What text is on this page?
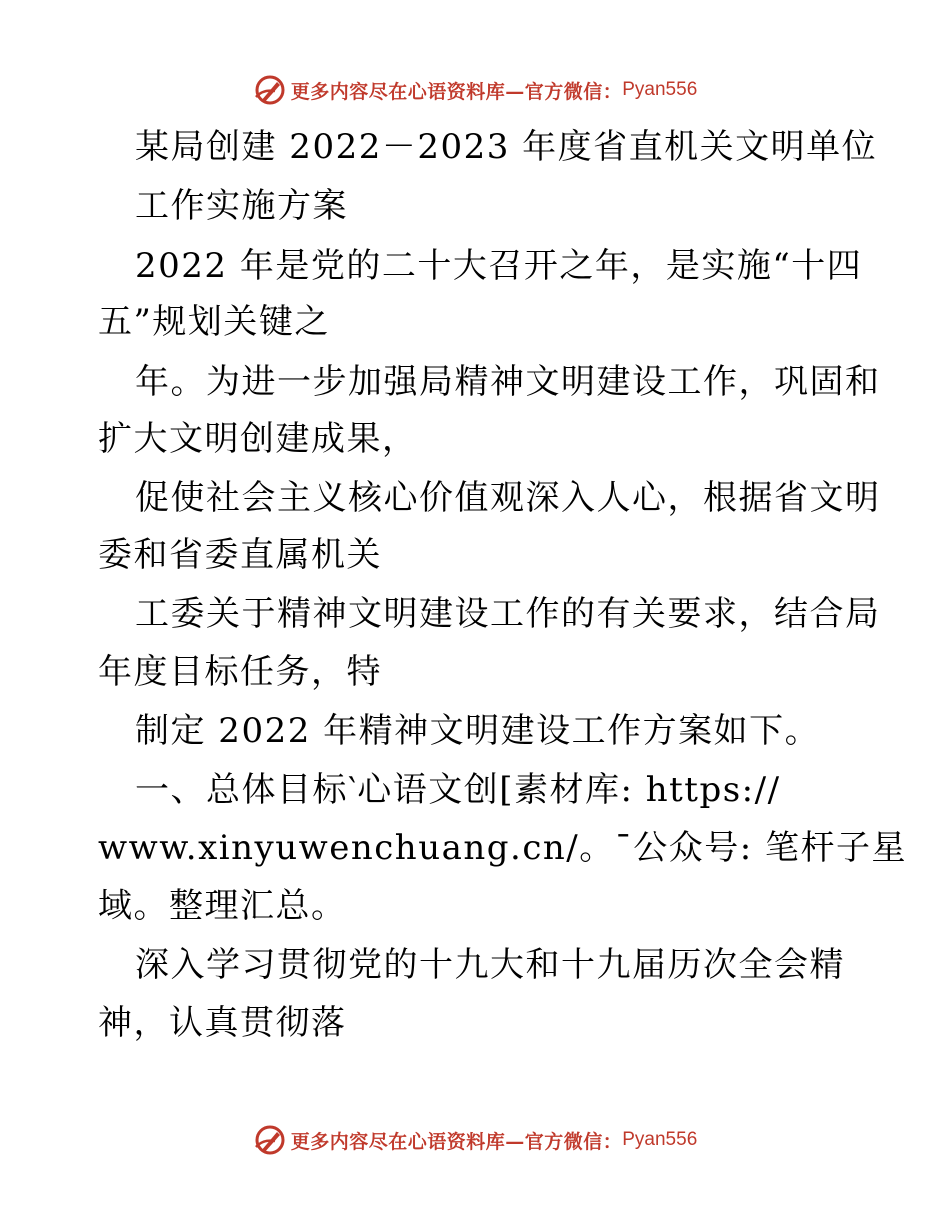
更多内容尽在心语资料库—官方微信： Pyan556
某局创建 2022－2023 年度省直机关文明单位
工作实施方案
2022 年是党的二十大召开之年，是实施“十四
五”规划关键之
年。为进一步加强局精神文明建设工作，巩固和
扩大文明创建成果，
促使社会主义核心价值观深入人心，根据省文明
委和省委直属机关
工委关于精神文明建设工作的有关要求，结合局
年度目标任务，特
制定 2022 年精神文明建设工作方案如下。
一、总体目标‵心语文创[素材库: https://
www.xinyuwenchuang.cn/。¯公众号: 笔杆子星
域。整理汇总。
深入学习贯彻党的十九大和十九届历次全会精
神，认真贯彻落
更多内容尽在心语资料库—官方微信： Pyan556
